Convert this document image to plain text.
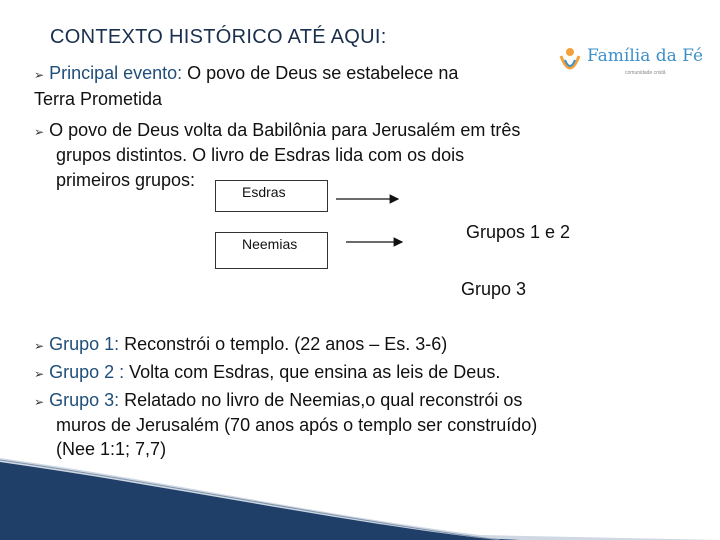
CONTEXTO HISTÓRICO ATÉ AQUI:
Família da Fé
comunidade cristã
➢ Principal evento: O povo de Deus se estabelece na
Terra Prometida
➢ O povo de Deus volta da Babilônia para Jerusalém em três
grupos distintos. O livro de Esdras lida com os dois
primeiros grupos:
Esdras
Neemias
Grupos 1 e 2
Grupo 3
➢ Grupo 1: Reconstrói o templo. (22 anos – Es. 3-6)
➢ Grupo 2 : Volta com Esdras, que ensina as leis de Deus.
➢ Grupo 3: Relatado no livro de Neemias,o qual reconstrói os
muros de Jerusalém (70 anos após o templo ser construído)
(Nee 1:1; 7,7)
